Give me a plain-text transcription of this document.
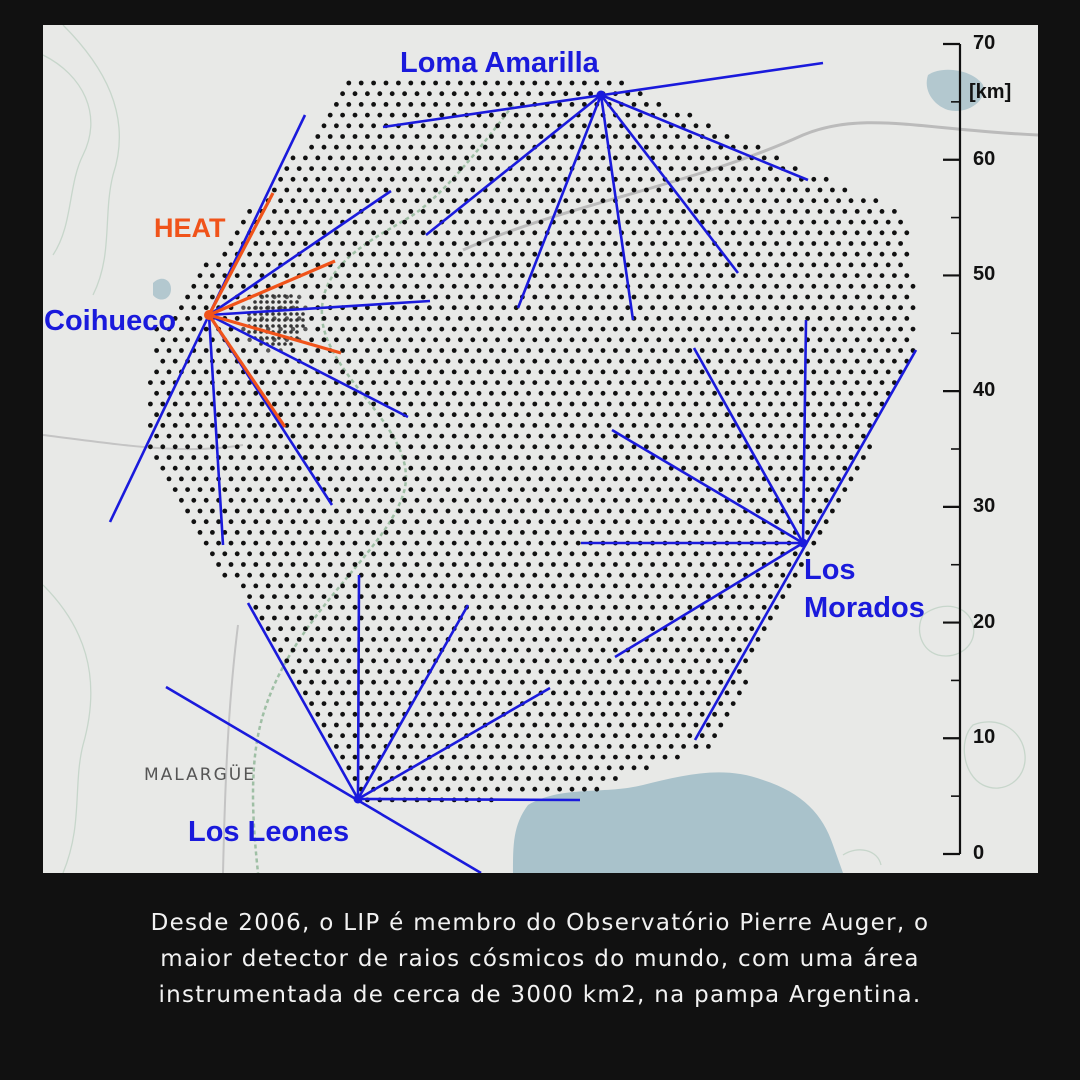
Loma Amarilla
HEAT
Coihueco
Los
Morados
Los Leones
MALARGÜE
[km]
0
10
20
30
40
50
60
70
Desde 2006, o LIP é membro do Observatório Pierre Auger, o
maior detector de raios cósmicos do mundo, com uma área
instrumentada de cerca de 3000 km2, na pampa Argentina.
